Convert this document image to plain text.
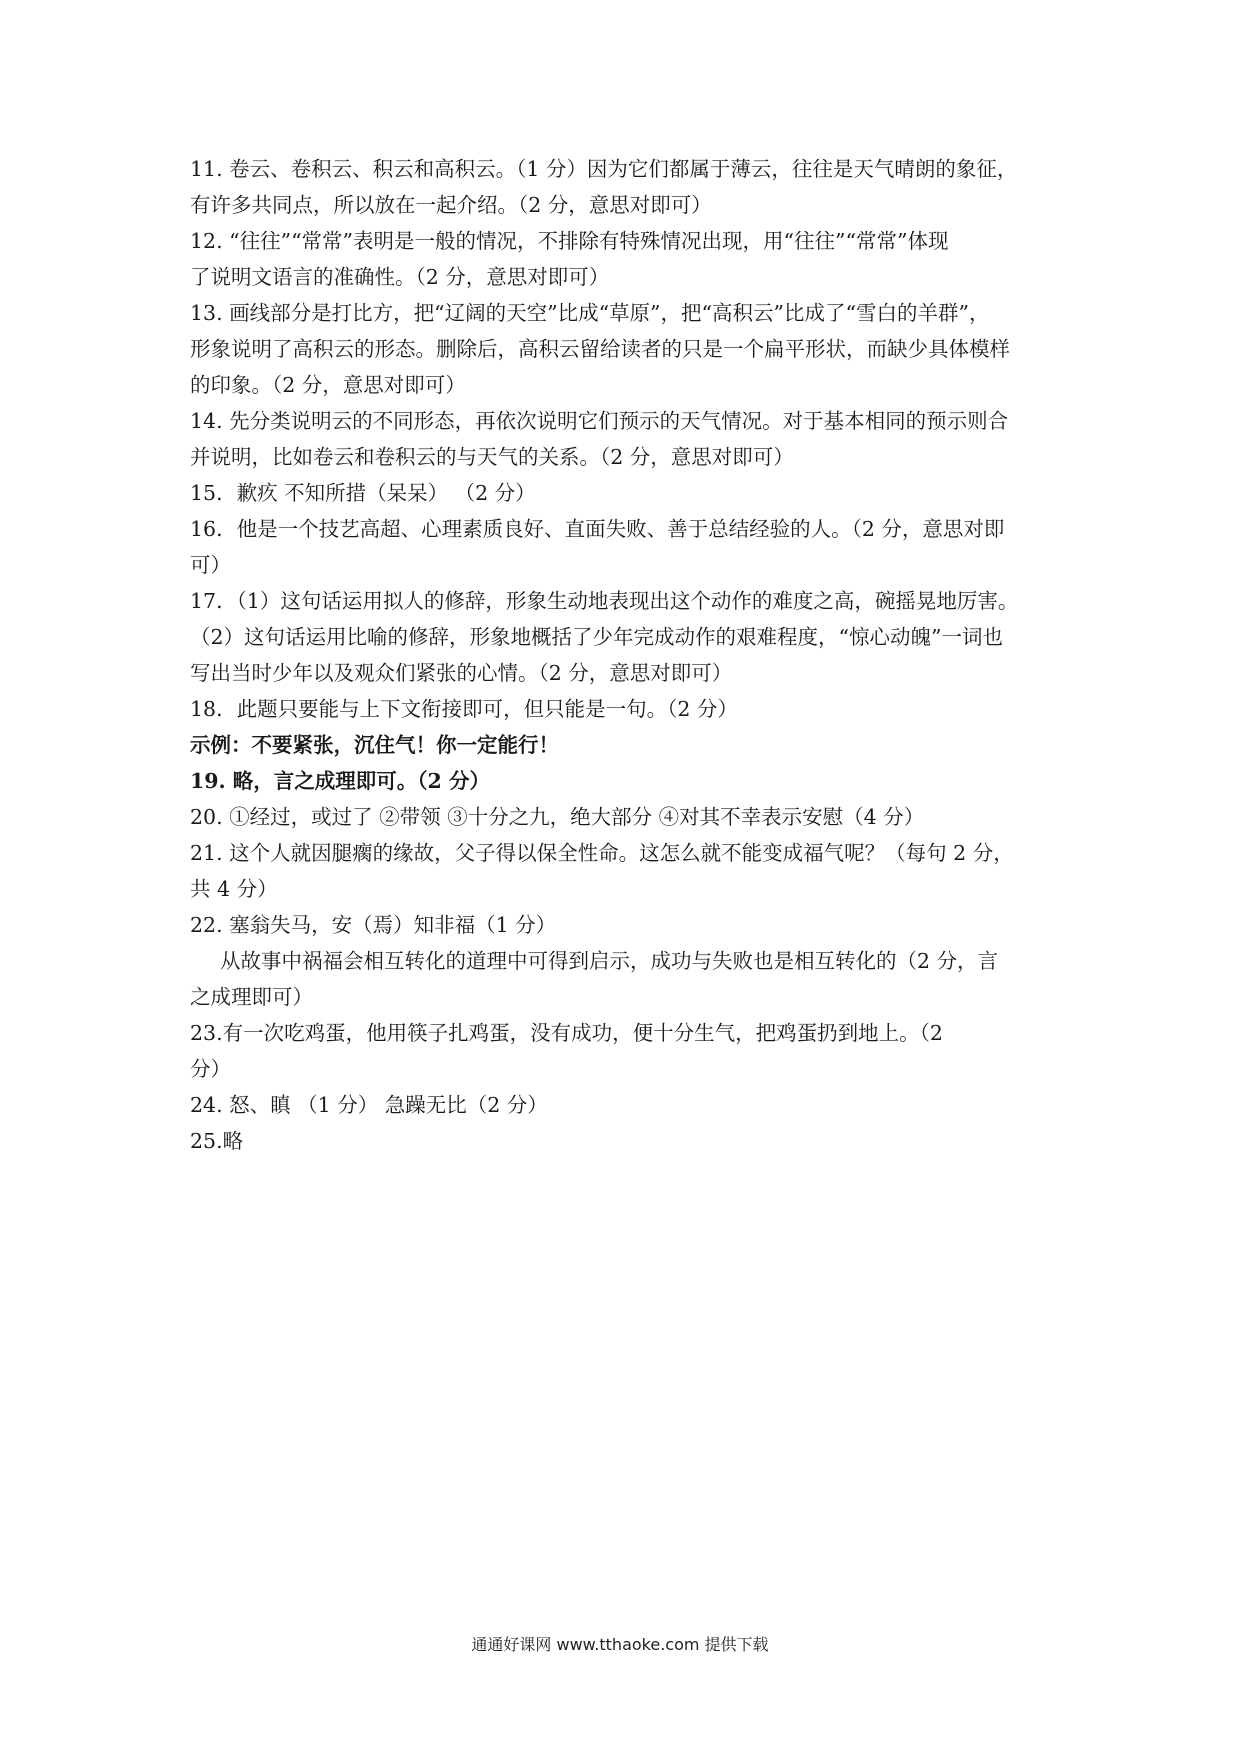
11. 卷云、卷积云、积云和高积云。（1 分）因为它们都属于薄云，往往是天气晴朗的象征，
有许多共同点，所以放在一起介绍。（2 分，意思对即可）
12. “往往”“常常”表明是一般的情况，不排除有特殊情况出现，用“往往”“常常”体现
了说明文语言的准确性。（2 分，意思对即可）
13. 画线部分是打比方，把“辽阔的天空”比成“草原”，把“高积云”比成了“雪白的羊群”，
形象说明了高积云的形态。删除后，高积云留给读者的只是一个扁平形状，而缺少具体模样
的印象。（2 分，意思对即可）
14. 先分类说明云的不同形态，再依次说明它们预示的天气情况。对于基本相同的预示则合
并说明，比如卷云和卷积云的与天气的关系。（2 分，意思对即可）
15．歉疚 不知所措（呆呆） （2 分）
16．他是一个技艺高超、心理素质良好、直面失败、善于总结经验的人。（2 分，意思对即
可）
17．（1）这句话运用拟人的修辞，形象生动地表现出这个动作的难度之高，碗摇晃地厉害。
（2）这句话运用比喻的修辞，形象地概括了少年完成动作的艰难程度，“惊心动魄”一词也
写出当时少年以及观众们紧张的心情。（2 分，意思对即可）
18．此题只要能与上下文衔接即可，但只能是一句。（2 分）
示例：不要紧张，沉住气！你一定能行！
19. 略，言之成理即可。（2 分）
20. ①经过，或过了 ②带领 ③十分之九，绝大部分 ④对其不幸表示安慰（4 分）
21. 这个人就因腿瘸的缘故，父子得以保全性命。这怎么就不能变成福气呢？（每句 2 分，
共 4 分）
22. 塞翁失马，安（焉）知非福（1 分）
从故事中祸福会相互转化的道理中可得到启示，成功与失败也是相互转化的（2 分，言
之成理即可）
23.有一次吃鸡蛋，他用筷子扎鸡蛋，没有成功，便十分生气，把鸡蛋扔到地上。（2
分）
24. 怒、瞋 （1 分） 急躁无比（2 分）
25.略
通通好课网 www.tthaoke.com 提供下载
